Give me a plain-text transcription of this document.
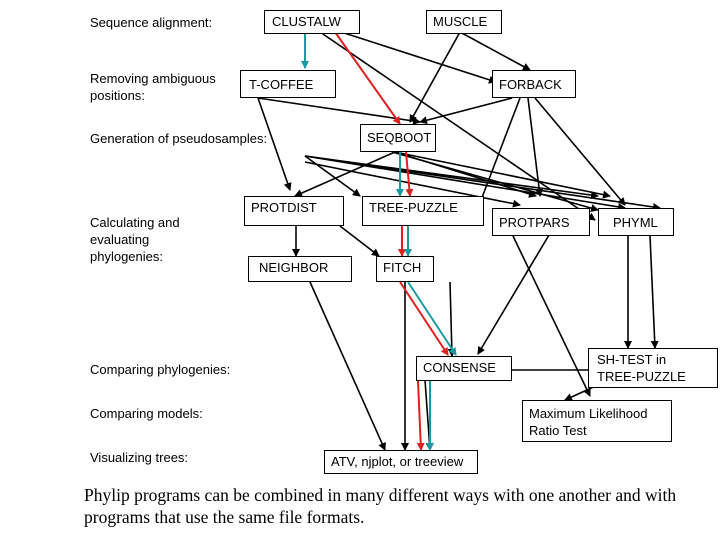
Sequence alignment:
Removing ambiguous
positions:
Generation of pseudosamples:
Calculating and
evaluating
phylogenies:
Comparing phylogenies:
Comparing models:
Visualizing trees:
CLUSTALW	MUSCLE
T-COFFEE	FORBACK
SEQBOOT
PROTDIST	TREE-PUZZLE
PROTPARS	PHYML
NEIGHBOR	FITCH
CONSENSE
SH-TEST in
TREE-PUZZLE
Maximum Likelihood
Ratio Test
ATV, njplot, or treeview
Phylip programs can be combined in many different ways with one another and with programs that use the same file formats.
